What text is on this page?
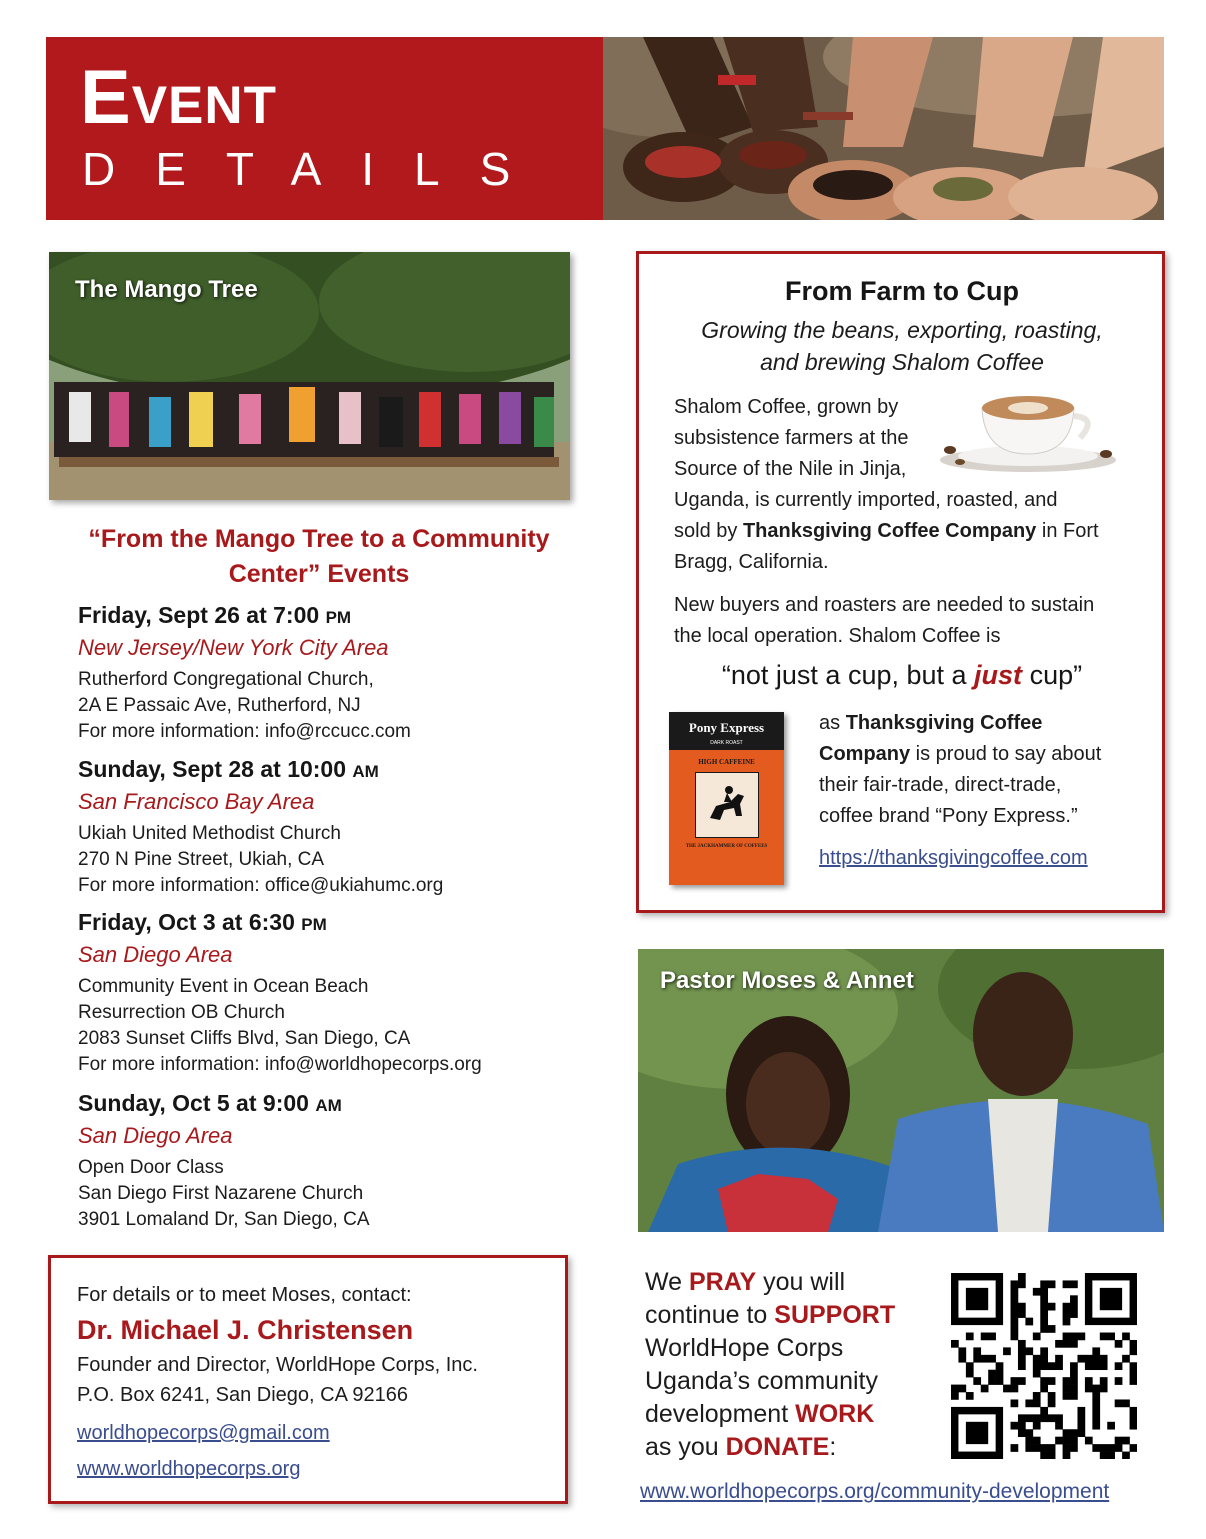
Event
DETAILS
The Mango Tree
“From the Mango Tree to a Community Center” Events
Friday, Sept 26 at 7:00 PM
New Jersey/New York City Area
Rutherford Congregational Church,
2A E Passaic Ave, Rutherford, NJ
For more information: info@rccucc.com
Sunday, Sept 28 at 10:00 AM
San Francisco Bay Area
Ukiah United Methodist Church
270 N Pine Street, Ukiah, CA
For more information: office@ukiahumc.org
Friday, Oct 3 at 6:30 PM
San Diego Area
Community Event in Ocean Beach
Resurrection OB Church
2083 Sunset Cliffs Blvd, San Diego, CA
For more information: info@worldhopecorps.org
Sunday, Oct 5 at 9:00 AM
San Diego Area
Open Door Class
San Diego First Nazarene Church
3901 Lomaland Dr, San Diego, CA
For details or to meet Moses, contact:
Dr. Michael J. Christensen
Founder and Director, WorldHope Corps, Inc.
P.O. Box 6241, San Diego, CA 92166
worldhopecorps@gmail.com
www.worldhopecorps.org
From Farm to Cup
Growing the beans, exporting, roasting,
and brewing Shalom Coffee
Shalom Coffee, grown by
subsistence farmers at the
Source of the Nile in Jinja,
Uganda, is currently imported, roasted, and
sold by Thanksgiving Coffee Company in Fort
Bragg, California.
New buyers and roasters are needed to sustain
the local operation. Shalom Coffee is
“not just a cup, but a just cup”
Pony Express
DARK ROAST
HIGH CAFFEINE
THE JACKHAMMER OF COFFEES
as Thanksgiving Coffee
Company is proud to say about
their fair-trade, direct-trade,
coffee brand “Pony Express.”
https://thanksgivingcoffee.com
Pastor Moses & Annet
We PRAY you will
continue to SUPPORT
WorldHope Corps
Uganda’s community
development WORK
as you DONATE:
www.worldhopecorps.org/community-development
